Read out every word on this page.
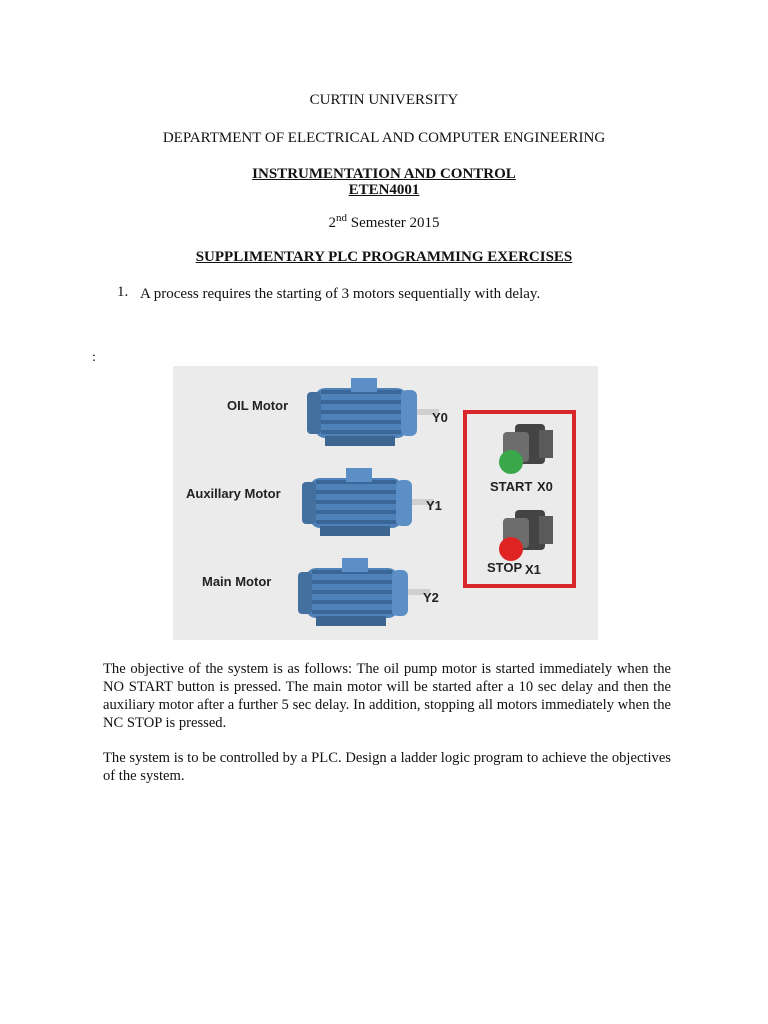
CURTIN UNIVERSITY
DEPARTMENT OF ELECTRICAL AND COMPUTER ENGINEERING
INSTRUMENTATION AND CONTROL
ETEN4001
2nd Semester 2015
SUPPLIMENTARY PLC PROGRAMMING EXERCISES
1. A process requires the starting of 3 motors sequentially with delay.
:
OIL Motor
Y0
Auxillary Motor
Y1
Main Motor
Y2
START X0
STOP X1
The objective of the system is as follows: The oil pump motor is started immediately when the NO START button is pressed. The main motor will be started after a 10 sec delay and then the auxiliary motor after a further 5 sec delay. In addition, stopping all motors immediately when the NC STOP is pressed.
The system is to be controlled by a PLC. Design a ladder logic program to achieve the objectives of the system.
